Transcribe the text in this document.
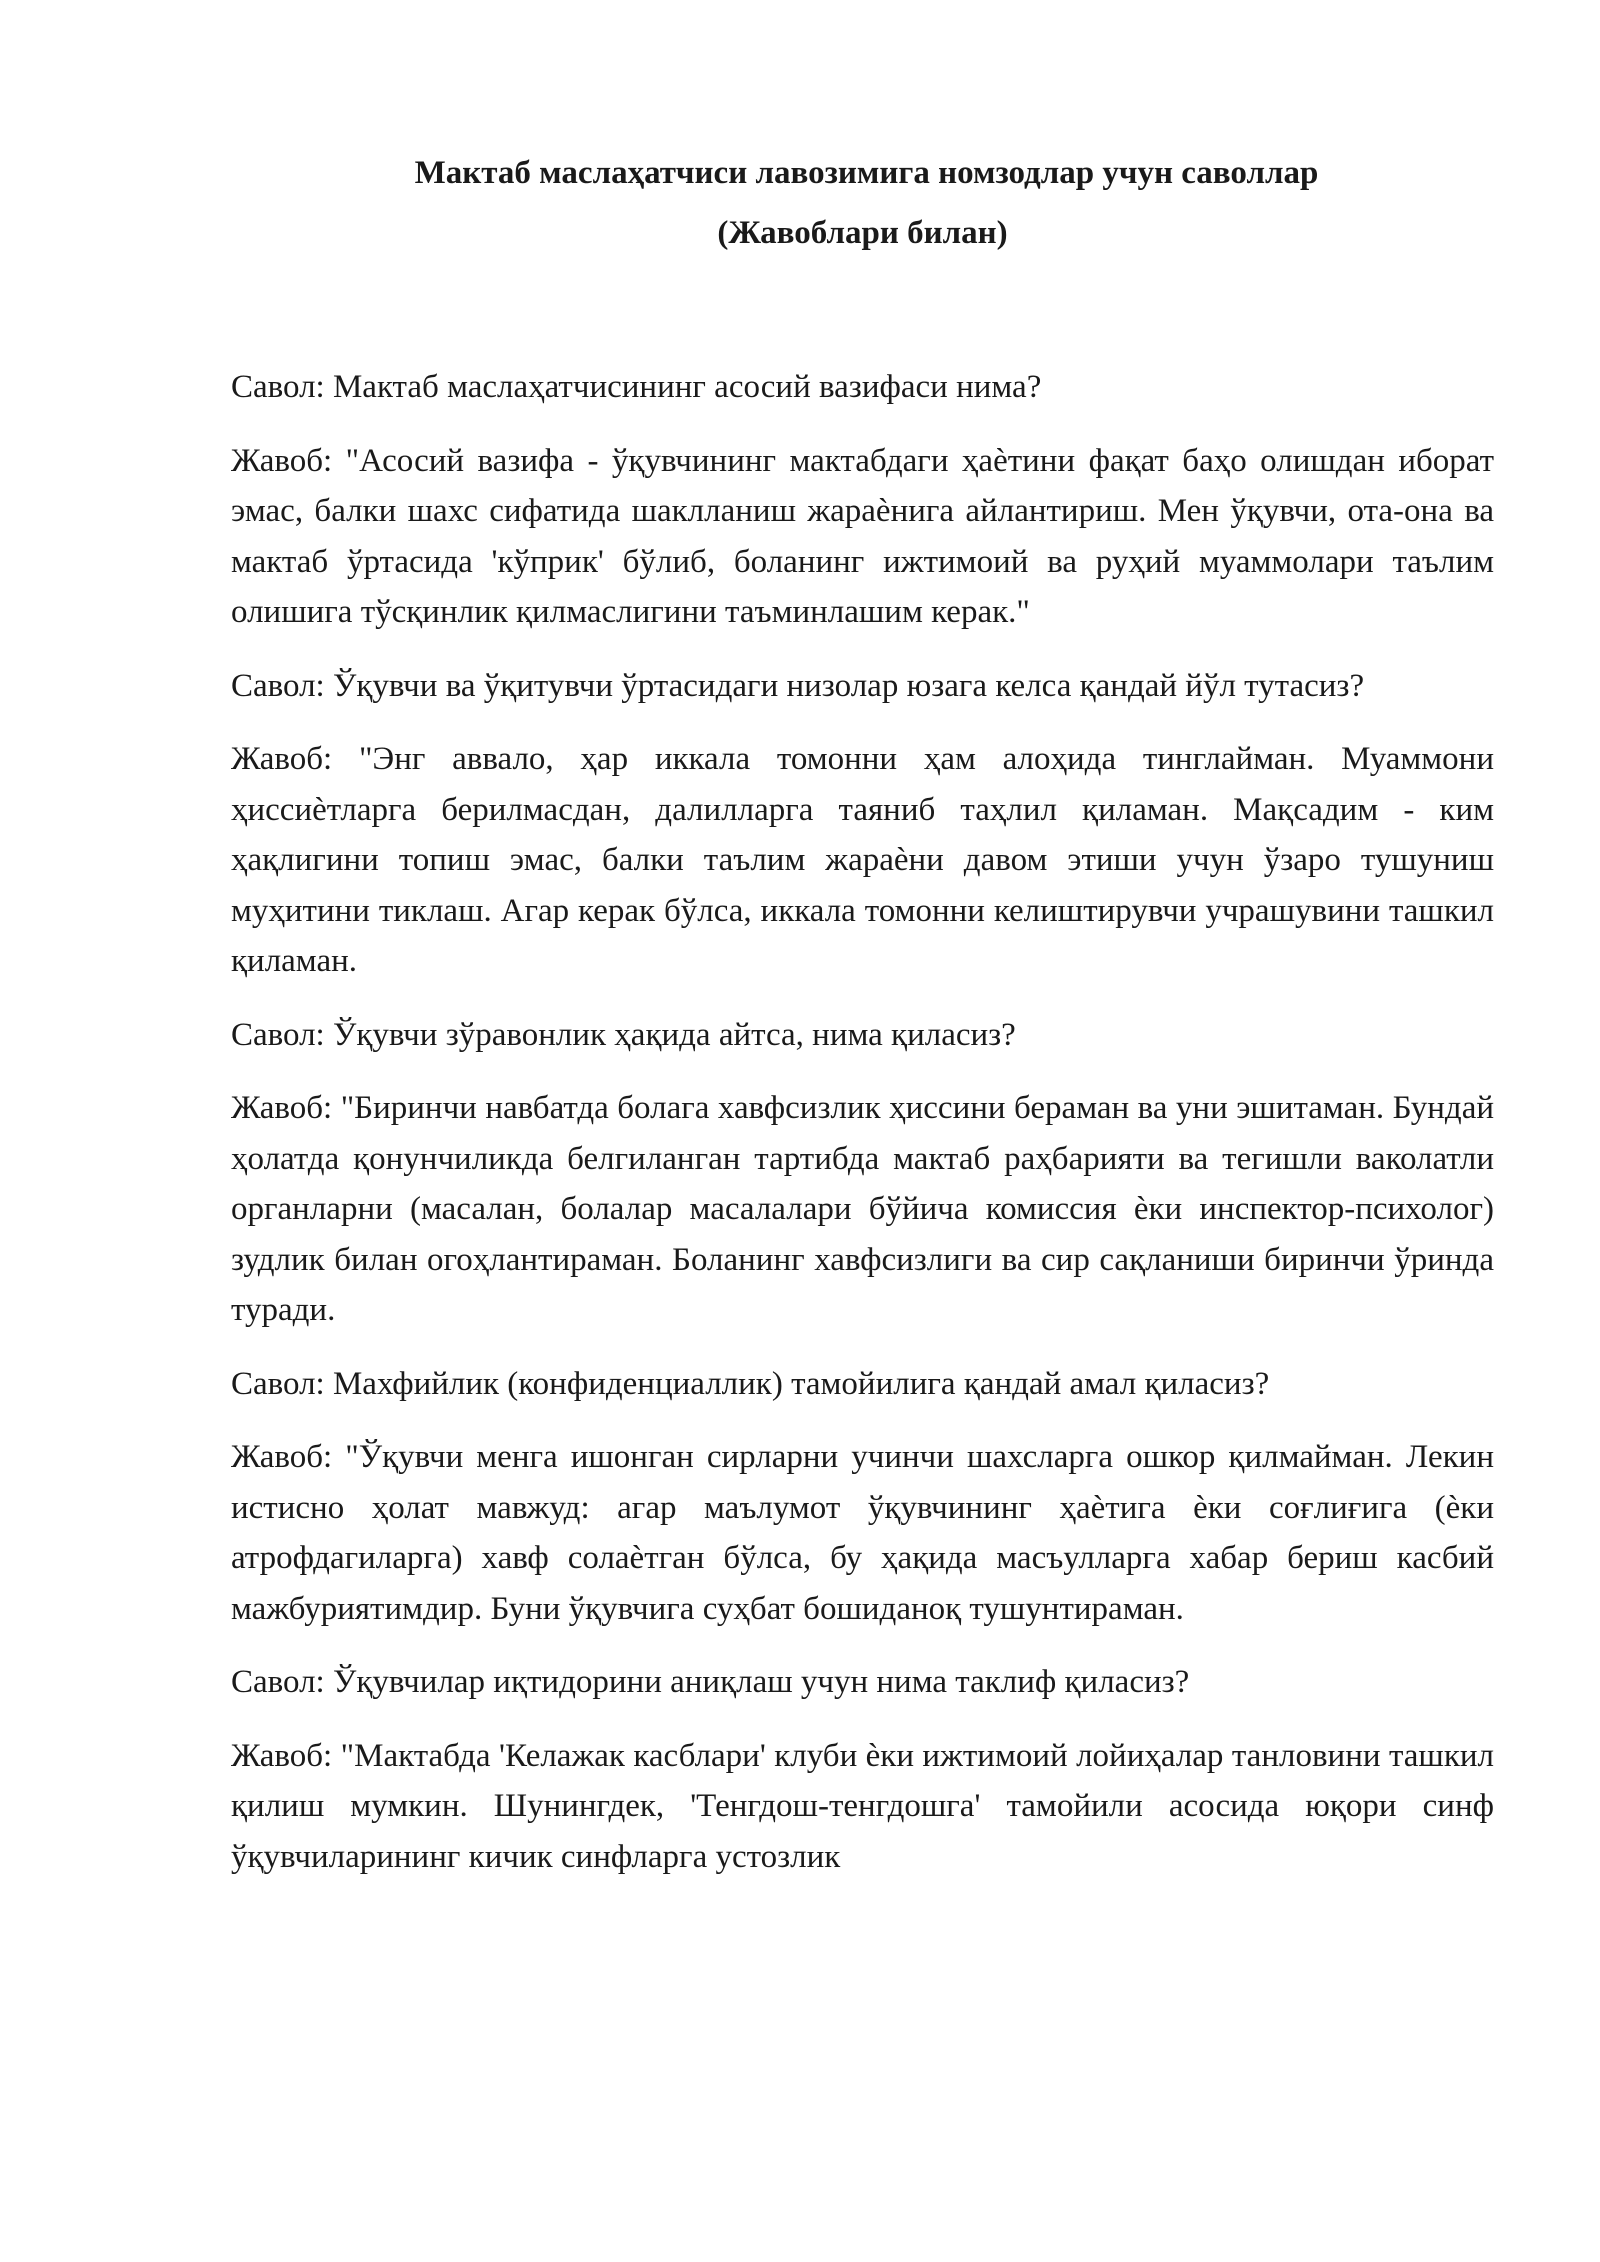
Мактаб маслаҳатчиси лавозимига номзодлар учун саволлар
(Жавоблари билан)

Савол: Мактаб маслаҳатчисининг асосий вазифаси нима?

Жавоб: "Асосий вазифа - ўқувчининг мактабдаги ҳаѐтини фақат баҳо олишдан иборат эмас, балки шахс сифатида шаклланиш жараѐнига айлантириш. Мен ўқувчи, ота-она ва мактаб ўртасида 'кўприк' бўлиб, боланинг ижтимоий ва руҳий муаммолари таълим олишига тўсқинлик қилмаслигини таъминлашим керак."

Савол: Ўқувчи ва ўқитувчи ўртасидаги низолар юзага келса қандай йўл тутасиз?

Жавоб: "Энг аввало, ҳар иккала томонни ҳам алоҳида тинглайман. Муаммони ҳиссиѐтларга берилмасдан, далилларга таяниб таҳлил қиламан. Мақсадим - ким ҳақлигини топиш эмас, балки таълим жараѐни давом этиши учун ўзаро тушуниш муҳитини тиклаш. Агар керак бўлса, иккала томонни келиштирувчи учрашувини ташкил қиламан.

Савол: Ўқувчи зўравонлик ҳақида айтса, нима қиласиз?

Жавоб: "Биринчи навбатда болага хавфсизлик ҳиссини бераман ва уни эшитаман. Бундай ҳолатда қонунчиликда белгиланган тартибда мактаб раҳбарияти ва тегишли ваколатли органларни (масалан, болалар масалалари бўйича комиссия ѐки инспектор-психолог) зудлик билан огоҳлантираман. Боланинг хавфсизлиги ва сир сақланиши биринчи ўринда туради.

Савол: Махфийлик (конфиденциаллик) тамойилига қандай амал қиласиз?

Жавоб: "Ўқувчи менга ишонган сирларни учинчи шахсларга ошкор қилмайман. Лекин истисно ҳолат мавжуд: агар маълумот ўқувчининг ҳаѐтига ѐки соғлиғига (ѐки атрофдагиларга) хавф солаѐтган бўлса, бу ҳақида масъулларга хабар бериш касбий мажбуриятимдир. Буни ўқувчига суҳбат бошиданоқ тушунтираман.

Савол: Ўқувчилар иқтидорини аниқлаш учун нима таклиф қиласиз?

Жавоб: "Мактабда 'Келажак касблари' клуби ѐки ижтимоий лойиҳалар танловини ташкил қилиш мумкин. Шунингдек, 'Тенгдош-тенгдошга' тамойили асосида юқори синф ўқувчиларининг кичик синфларга устозлик
